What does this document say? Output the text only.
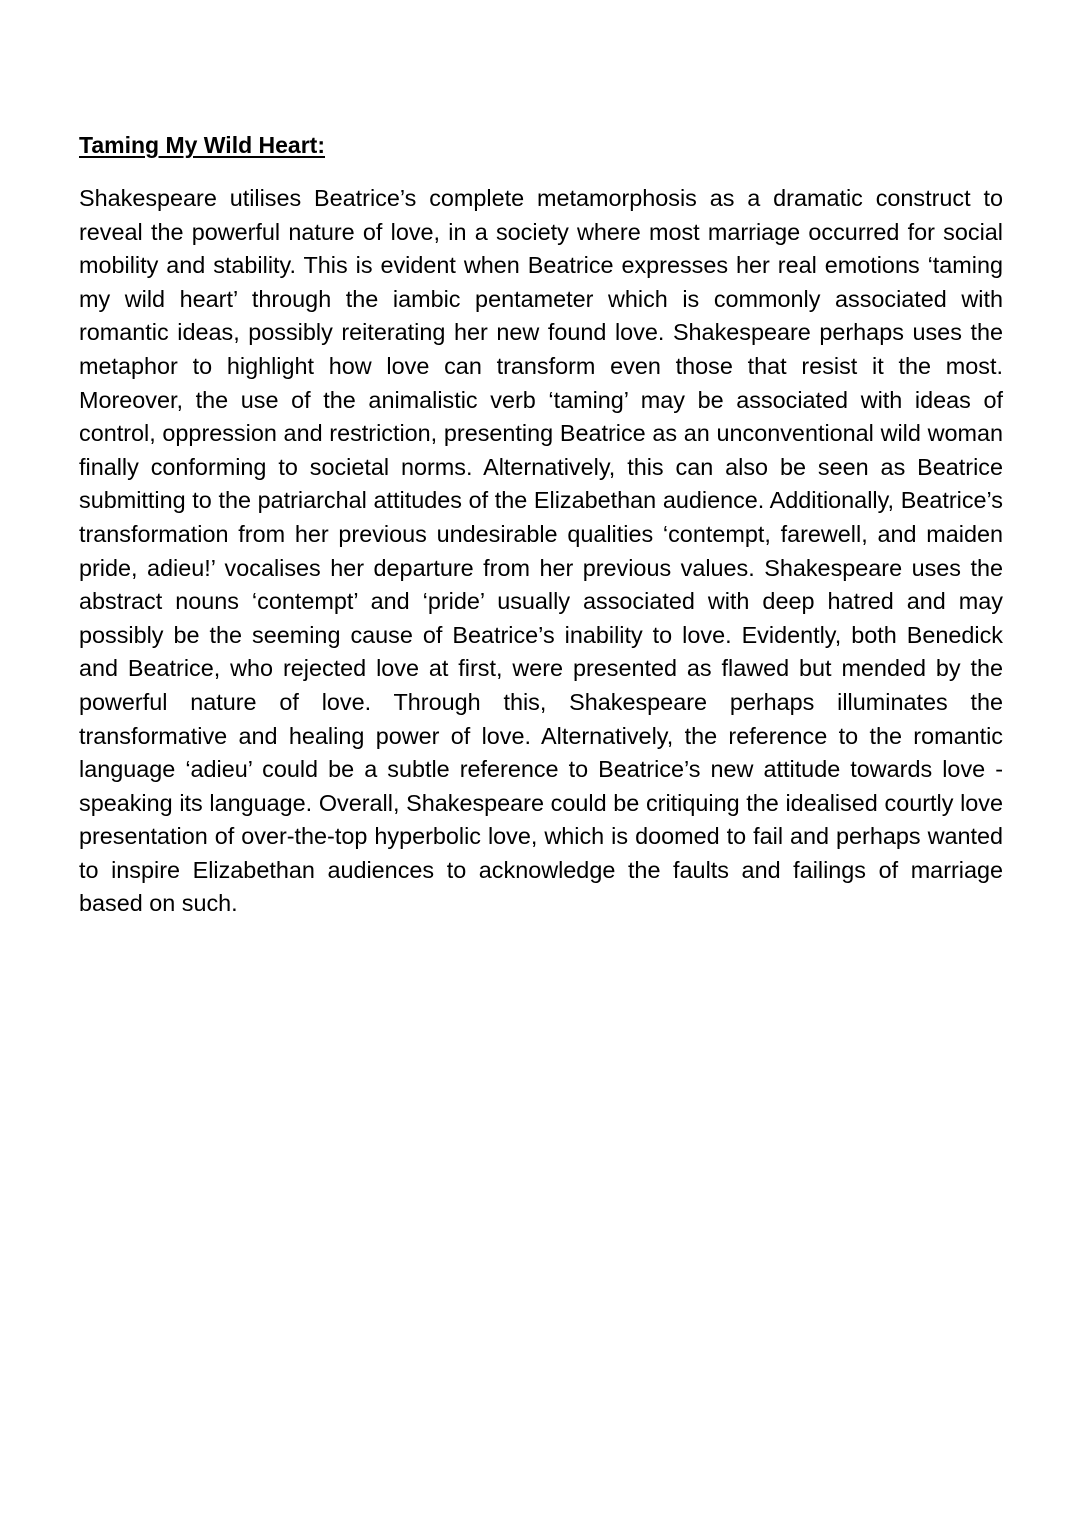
Taming My Wild Heart:

Shakespeare utilises Beatrice’s complete metamorphosis as a dramatic construct to reveal the powerful nature of love, in a society where most marriage occurred for social mobility and stability. This is evident when Beatrice expresses her real emotions ‘taming my wild heart’ through the iambic pentameter which is commonly associated with romantic ideas, possibly reiterating her new found love. Shakespeare perhaps uses the metaphor to highlight how love can transform even those that resist it the most. Moreover, the use of the animalistic verb ‘taming’ may be associated with ideas of control, oppression and restriction, presenting Beatrice as an unconventional wild woman finally conforming to societal norms. Alternatively, this can also be seen as Beatrice submitting to the patriarchal attitudes of the Elizabethan audience. Additionally, Beatrice’s transformation from her previous undesirable qualities ‘contempt, farewell, and maiden pride, adieu!’ vocalises her departure from her previous values. Shakespeare uses the abstract nouns ‘contempt’ and ‘pride’ usually associated with deep hatred and may possibly be the seeming cause of Beatrice’s inability to love. Evidently, both Benedick and Beatrice, who rejected love at first, were presented as flawed but mended by the powerful nature of love. Through this, Shakespeare perhaps illuminates the transformative and healing power of love. Alternatively, the reference to the romantic language ‘adieu’ could be a subtle reference to Beatrice’s new attitude towards love - speaking its language. Overall, Shakespeare could be critiquing the idealised courtly love presentation of over-the-top hyperbolic love, which is doomed to fail and perhaps wanted to inspire Elizabethan audiences to acknowledge the faults and failings of marriage based on such.
